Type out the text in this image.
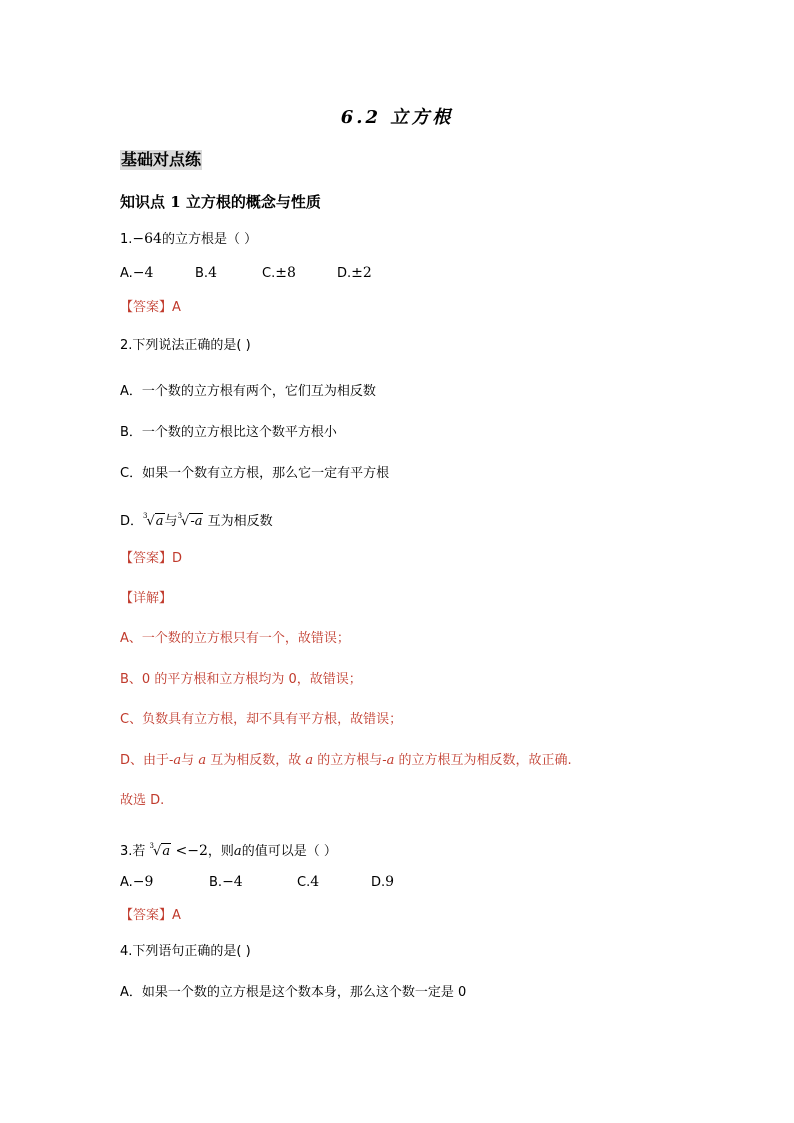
6.2 立方根
基础对点练
知识点 1 立方根的概念与性质
1.−64的立方根是（ ）
A.−4	B.4	C.±8	D.±2
【答案】A
2.下列说法正确的是( )
A．一个数的立方根有两个，它们互为相反数
B．一个数的立方根比这个数平方根小
C．如果一个数有立方根，那么它一定有平方根
D．$^3$√a与$^3$√-a 互为相反数
【答案】D
【详解】
A、一个数的立方根只有一个，故错误；
B、0 的平方根和立方根均为 0，故错误；
C、负数具有立方根，却不具有平方根，故错误；
D、由于-a与 a 互为相反数，故 a 的立方根与-a 的立方根互为相反数，故正确.
故选 D.
3.若 $^3$√a <−2，则a的值可以是（ ）
A.−9	B.−4	C.4	D.9
【答案】A
4.下列语句正确的是( )
A．如果一个数的立方根是这个数本身，那么这个数一定是 0
